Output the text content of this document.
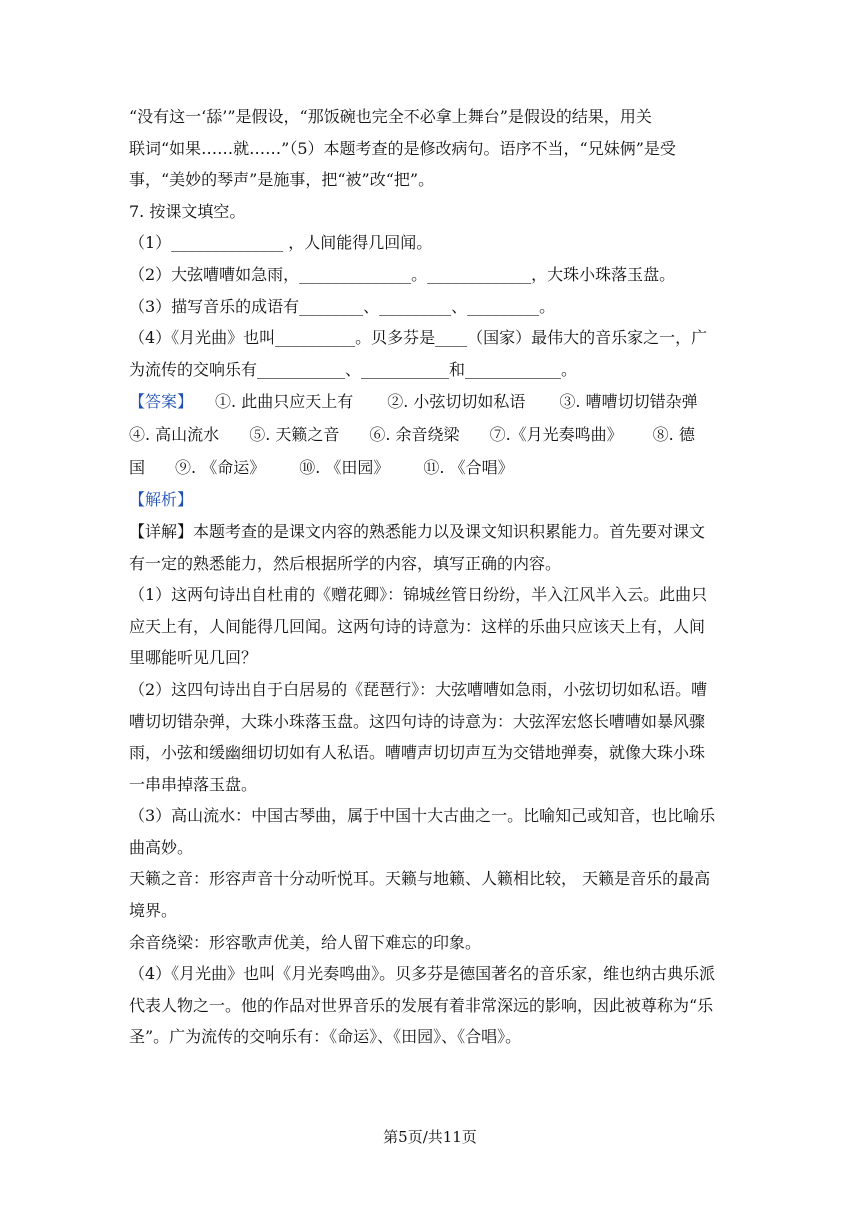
“没有这一‘舔’”是假设，“那饭碗也完全不必拿上舞台”是假设的结果，用关

联词“如果……就……”（5）本题考查的是修改病句。语序不当，“兄妹俩”是受

事，“美妙的琴声”是施事，把“被”改“把”。

7. 按课文填空。

（1）______________ ，人间能得几回闻。

（2）大弦嘈嘈如急雨，______________。_____________，大珠小珠落玉盘。

（3）描写音乐的成语有________、_________、_________。

（4）《月光曲》也叫__________。贝多芬是____（国家）最伟大的音乐家之一，广

为流传的交响乐有___________、___________和____________。

【答案】 ①. 此曲只应天上有 ②. 小弦切切如私语 ③. 嘈嘈切切错杂弹

④. 高山流水 ⑤. 天籁之音 ⑥. 余音绕梁 ⑦.《月光奏鸣曲》 ⑧. 德

国 ⑨. 《命运》 ⑩. 《田园》 ⑪. 《合唱》

【解析】

【详解】本题考查的是课文内容的熟悉能力以及课文知识积累能力。首先要对课文

有一定的熟悉能力，然后根据所学的内容，填写正确的内容。

（1）这两句诗出自杜甫的《赠花卿》：锦城丝管日纷纷，半入江风半入云。此曲只

应天上有，人间能得几回闻。这两句诗的诗意为：这样的乐曲只应该天上有，人间

里哪能听见几回？

（2）这四句诗出自于白居易的《琵琶行》：大弦嘈嘈如急雨，小弦切切如私语。嘈

嘈切切错杂弹，大珠小珠落玉盘。这四句诗的诗意为：大弦浑宏悠长嘈嘈如暴风骤

雨，小弦和缓幽细切切如有人私语。嘈嘈声切切声互为交错地弹奏，就像大珠小珠

一串串掉落玉盘。

（3）高山流水：中国古琴曲，属于中国十大古曲之一。比喻知己或知音，也比喻乐

曲高妙。

天籁之音：形容声音十分动听悦耳。天籁与地籁、人籁相比较， 天籁是音乐的最高

境界。

余音绕梁：形容歌声优美，给人留下难忘的印象。

（4）《月光曲》也叫《月光奏鸣曲》。贝多芬是德国著名的音乐家，维也纳古典乐派

代表人物之一。他的作品对世界音乐的发展有着非常深远的影响，因此被尊称为“乐

圣”。广为流传的交响乐有：《命运》、《田园》、《合唱》。

第5页/共11页
